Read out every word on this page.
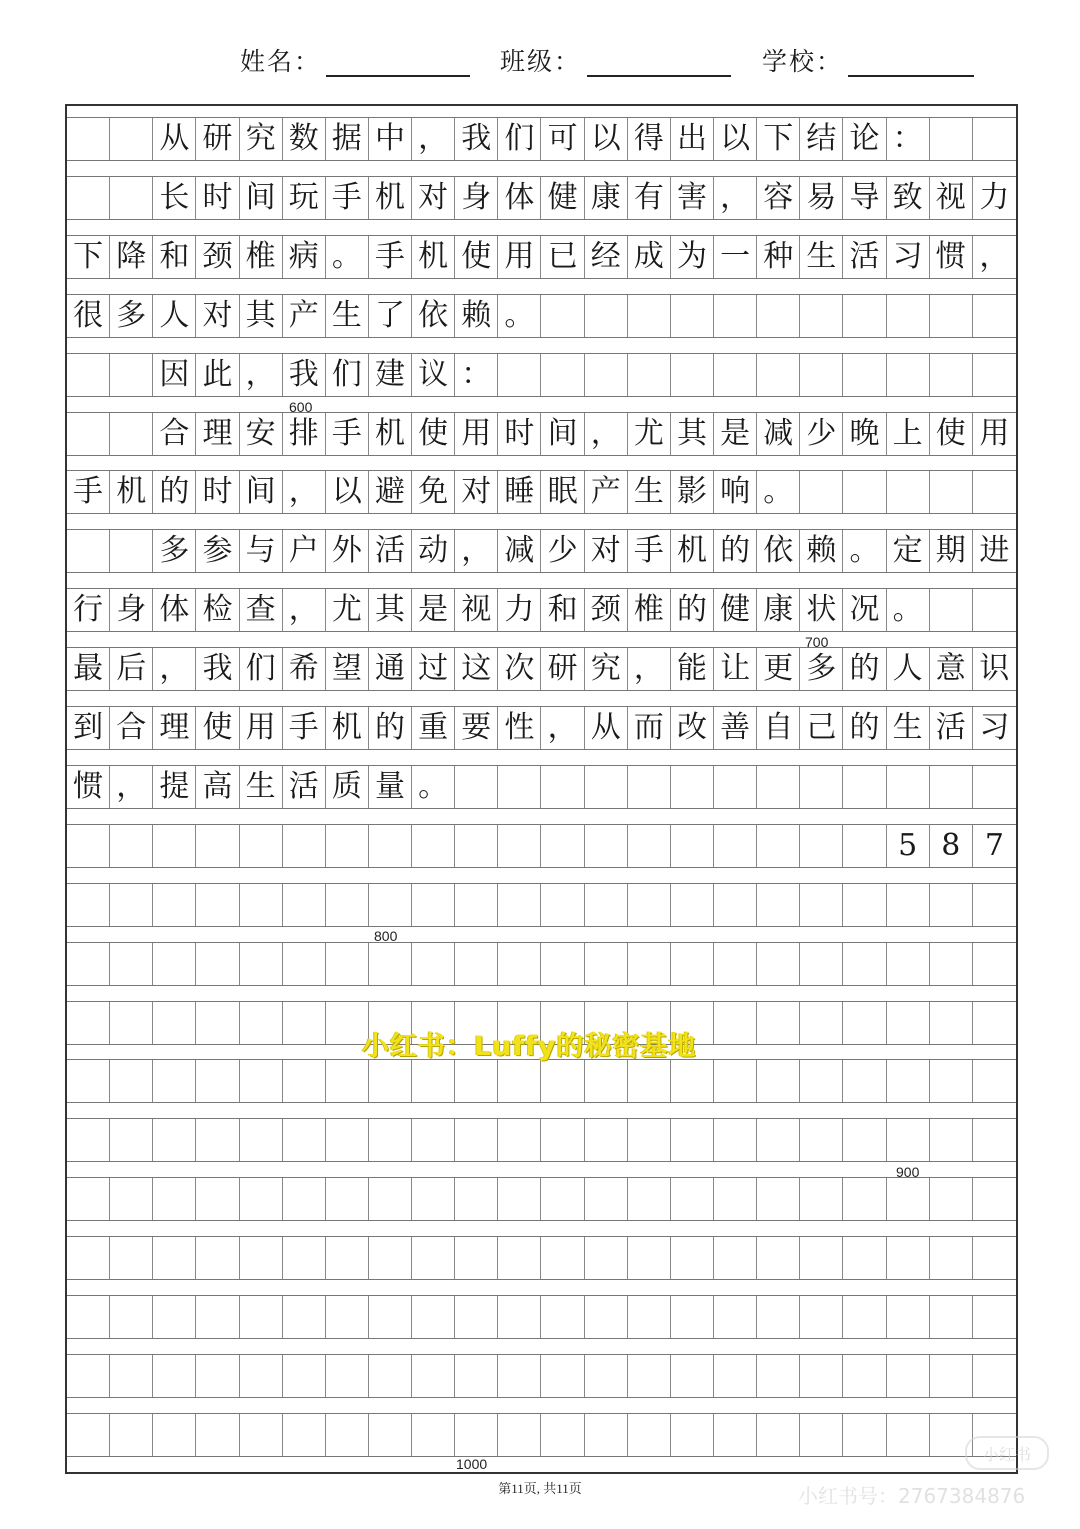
姓名：	班级：	学校：
600
700
800
900
1000
从 研 究 数 据 中 ， 我 们 可 以 得 出 以 下 结 论 ：
长 时 间 玩 手 机 对 身 体 健 康 有 害 ， 容 易 导 致 视 力
下 降 和 颈 椎 病 。 手 机 使 用 已 经 成 为 一 种 生 活 习 惯 ，
很 多 人 对 其 产 生 了 依 赖 。
因 此 ， 我 们 建 议 ：
合 理 安 排 手 机 使 用 时 间 ， 尤 其 是 减 少 晚 上 使 用
手 机 的 时 间 ， 以 避 免 对 睡 眠 产 生 影 响 。
多 参 与 户 外 活 动 ， 减 少 对 手 机 的 依 赖 。 定 期 进
行 身 体 检 查 ， 尤 其 是 视 力 和 颈 椎 的 健 康 状 况 。
最 后 ， 我 们 希 望 通 过 这 次 研 究 ， 能 让 更 多 的 人 意 识
到 合 理 使 用 手 机 的 重 要 性 ， 从 而 改 善 自 己 的 生 活 习
惯 ， 提 高 生 活 质 量 。
5 8 7
小红书：Luffy的秘密基地
第11页, 共11页
小红书
小红书号：2767384876
